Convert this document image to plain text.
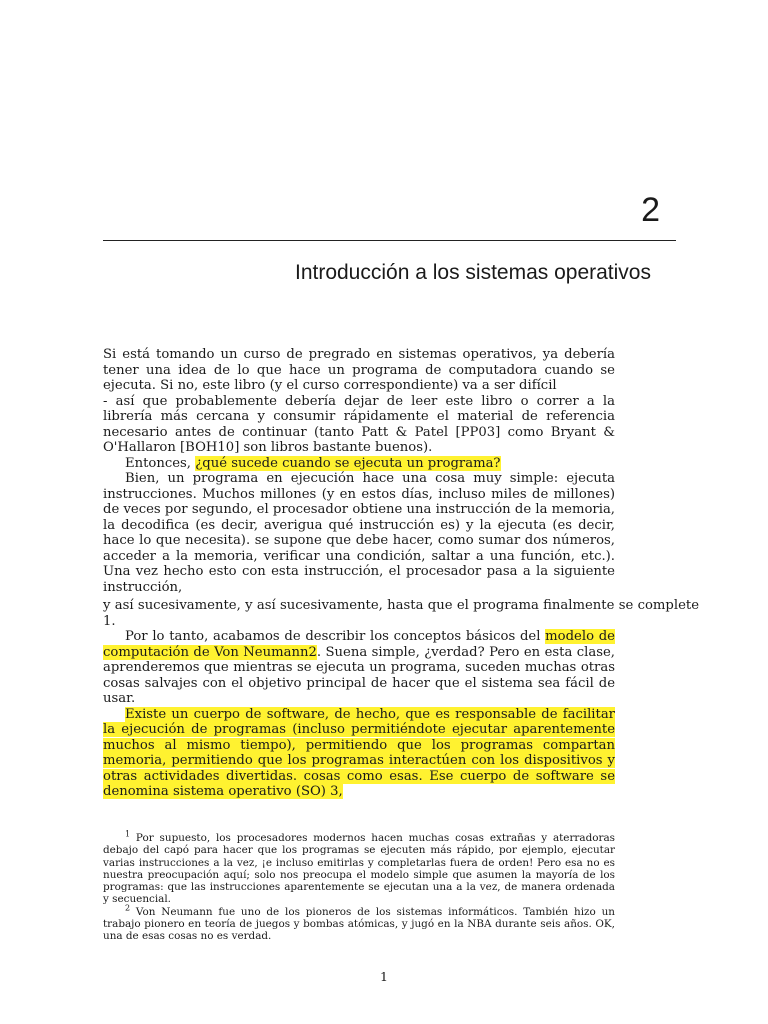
2
Introducción a los sistemas operativos

Si está tomando un curso de pregrado en sistemas operativos, ya debería tener una idea de lo que hace un programa de computadora cuando se ejecuta. Si no, este libro (y el curso correspondiente) va a ser difícil

- así que probablemente debería dejar de leer este libro o correr a la librería más cercana y consumir rápidamente el material de referencia necesario antes de continuar (tanto Patt & Patel [PP03] como Bryant & O'Hallaron [BOH10] son libros bastante buenos).

Entonces, ¿qué sucede cuando se ejecuta un programa?

Bien, un programa en ejecución hace una cosa muy simple: ejecuta instrucciones. Muchos millones (y en estos días, incluso miles de millones) de veces por segundo, el procesador obtiene una instrucción de la memoria, la decodifica (es decir, averigua qué instrucción es) y la ejecuta (es decir, hace lo que necesita). se supone que debe hacer, como sumar dos números, acceder a la memoria, verificar una condición, saltar a una función, etc.). Una vez hecho esto con esta instrucción, el procesador pasa a la siguiente instrucción,

y así sucesivamente, y así sucesivamente, hasta que el programa finalmente se complete 1.

Por lo tanto, acabamos de describir los conceptos básicos del modelo de computación de Von Neumann2. Suena simple, ¿verdad? Pero en esta clase, aprenderemos que mientras se ejecuta un programa, suceden muchas otras cosas salvajes con el objetivo principal de hacer que el sistema sea fácil de usar.

Existe un cuerpo de software, de hecho, que es responsable de facilitar la ejecución de programas (incluso permitiéndote ejecutar aparentemente muchos al mismo tiempo), permitiendo que los programas compartan memoria, permitiendo que los programas interactúen con los dispositivos y otras actividades divertidas. cosas como esas. Ese cuerpo de software se denomina sistema operativo (SO) 3,

$^1$ Por supuesto, los procesadores modernos hacen muchas cosas extrañas y aterradoras debajo del capó para hacer que los programas se ejecuten más rápido, por ejemplo, ejecutar varias instrucciones a la vez, ¡e incluso emitirlas y completarlas fuera de orden! Pero esa no es nuestra preocupación aquí; solo nos preocupa el modelo simple que asumen la mayoría de los programas: que las instrucciones aparentemente se ejecutan una a la vez, de manera ordenada y secuencial.

$^2$ Von Neumann fue uno de los pioneros de los sistemas informáticos. También hizo un trabajo pionero en teoría de juegos y bombas atómicas, y jugó en la NBA durante seis años. OK, una de esas cosas no es verdad.

1
